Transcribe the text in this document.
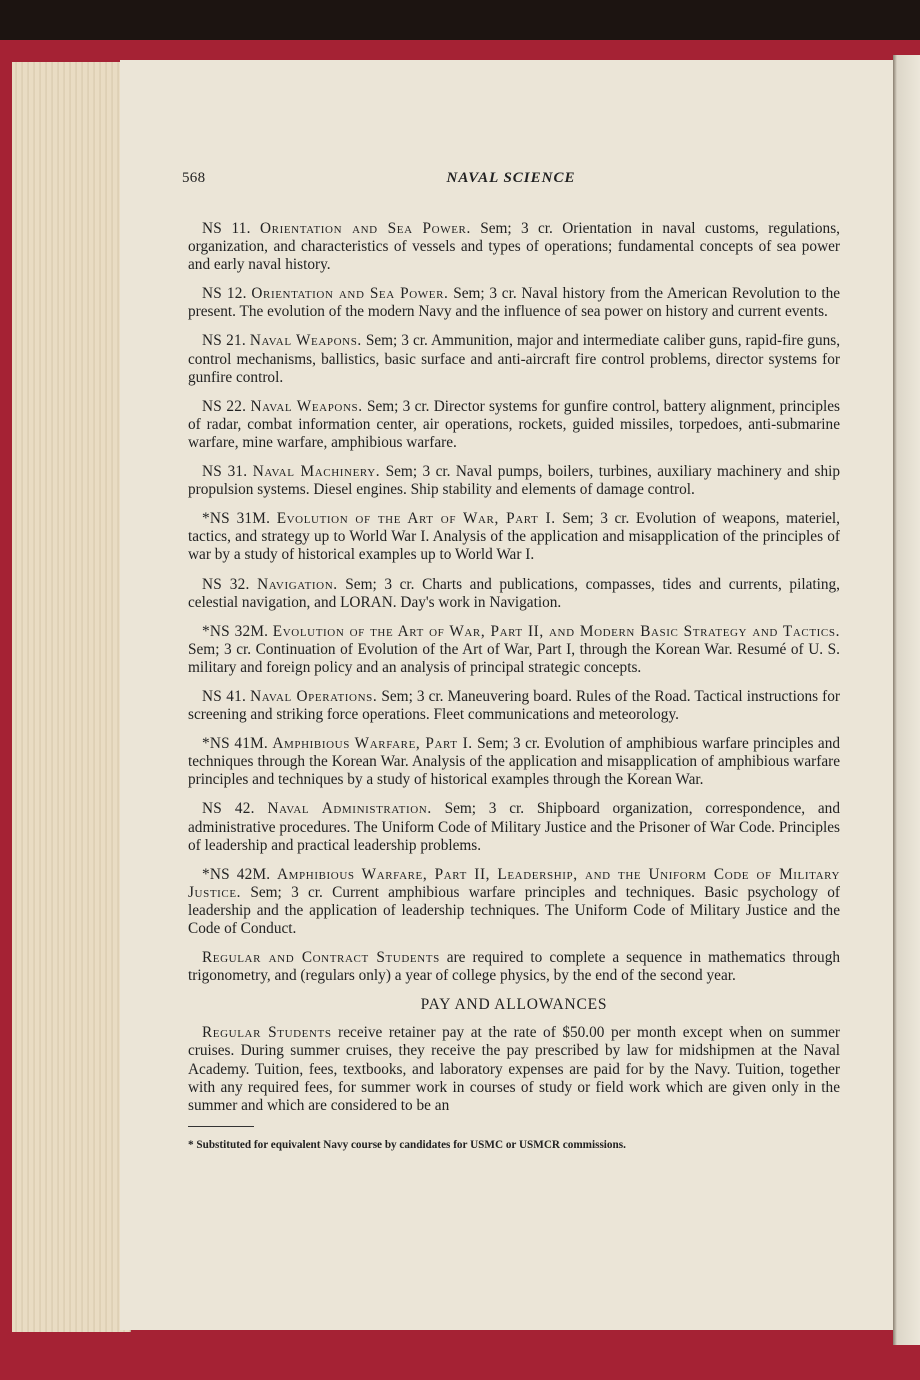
568	NAVAL SCIENCE

NS 11. Orientation and Sea Power. Sem; 3 cr. Orientation in naval customs, regulations, organization, and characteristics of vessels and types of operations; fundamental concepts of sea power and early naval history.

NS 12. Orientation and Sea Power. Sem; 3 cr. Naval history from the American Revolution to the present. The evolution of the modern Navy and the influence of sea power on history and current events.

NS 21. Naval Weapons. Sem; 3 cr. Ammunition, major and intermediate caliber guns, rapid-fire guns, control mechanisms, ballistics, basic surface and anti-aircraft fire control problems, director systems for gunfire control.

NS 22. Naval Weapons. Sem; 3 cr. Director systems for gunfire control, battery alignment, principles of radar, combat information center, air operations, rockets, guided missiles, torpedoes, anti-submarine warfare, mine warfare, amphibious warfare.

NS 31. Naval Machinery. Sem; 3 cr. Naval pumps, boilers, turbines, auxiliary machinery and ship propulsion systems. Diesel engines. Ship stability and elements of damage control.

*NS 31M. Evolution of the Art of War, Part I. Sem; 3 cr. Evolution of weapons, materiel, tactics, and strategy up to World War I. Analysis of the application and misapplication of the principles of war by a study of historical examples up to World War I.

NS 32. Navigation. Sem; 3 cr. Charts and publications, compasses, tides and currents, pilating, celestial navigation, and LORAN. Day's work in Navigation.

*NS 32M. Evolution of the Art of War, Part II, and Modern Basic Strategy and Tactics. Sem; 3 cr. Continuation of Evolution of the Art of War, Part I, through the Korean War. Resumé of U. S. military and foreign policy and an analysis of principal strategic concepts.

NS 41. Naval Operations. Sem; 3 cr. Maneuvering board. Rules of the Road. Tactical instructions for screening and striking force operations. Fleet communications and meteorology.

*NS 41M. Amphibious Warfare, Part I. Sem; 3 cr. Evolution of amphibious warfare principles and techniques through the Korean War. Analysis of the application and misapplication of amphibious warfare principles and techniques by a study of historical examples through the Korean War.

NS 42. Naval Administration. Sem; 3 cr. Shipboard organization, correspondence, and administrative procedures. The Uniform Code of Military Justice and the Prisoner of War Code. Principles of leadership and practical leadership problems.

*NS 42M. Amphibious Warfare, Part II, Leadership, and the Uniform Code of Military Justice. Sem; 3 cr. Current amphibious warfare principles and techniques. Basic psychology of leadership and the application of leadership techniques. The Uniform Code of Military Justice and the Code of Conduct.

Regular and Contract Students are required to complete a sequence in mathematics through trigonometry, and (regulars only) a year of college physics, by the end of the second year.

PAY AND ALLOWANCES

Regular Students receive retainer pay at the rate of $50.00 per month except when on summer cruises. During summer cruises, they receive the pay prescribed by law for midshipmen at the Naval Academy. Tuition, fees, textbooks, and laboratory expenses are paid for by the Navy. Tuition, together with any required fees, for summer work in courses of study or field work which are given only in the summer and which are considered to be an

* Substituted for equivalent Navy course by candidates for USMC or USMCR commissions.
